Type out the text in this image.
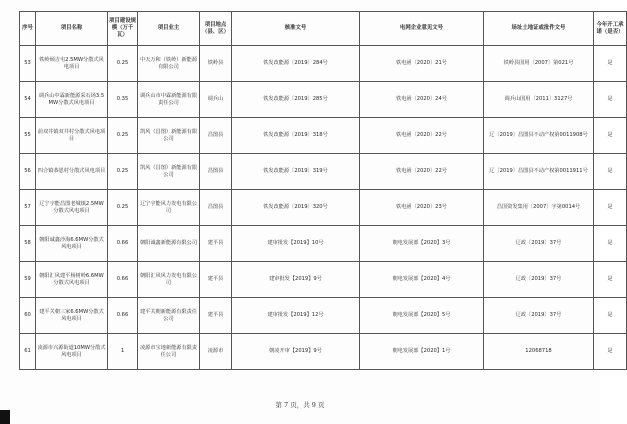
序号	项目名称	项目建设规模（万千瓦）	项目业主	项目地点（县、区）	核准文号	电网企业意见文号	场址土地证或批件文号	今年开工承诺（是否）
53	铁岭倾吉屯2.5MW分散式风电项目	0.25	中天万和（铁岭）新能源有限公司	铁岭县	铁发改能源〔2019〕284号	铁电函〔2020〕21号	铁岭县国用〔2007〕第021号	是
54	调兵山中霖新能源采石场3.5MW分散式风电项目	0.35	调兵山市中霖新能源有限责任公司	调兵山	铁发改能源〔2019〕285号	铁电函〔2020〕24号	调兵山国用〔2011〕3127号	是
55	前双井镇双井村分散式风电项目	0.25	凯风（昌图）新能源有限公司	昌图县	铁发改能源〔2019〕318号	铁电函〔2020〕22号	辽〔2019〕昌图县不动产权第0011908号	是
56	四合镇恭恩村分散式风电项目	0.25	凯风（昌图）新能源有限公司	昌图县	铁发改能源〔2019〕319号	铁电函〔2020〕22号	辽〔2019〕昌图县不动产权第0011911号	是
57	辽宁宇能昌图老城镇2.5MW分散式风电项目	0.25	辽宁宇能风力发电有限公司	昌图县	铁发改能源〔2019〕320号	铁电函〔2020〕23号	昌国资发集用〔2007〕字第0014号	是
58	朝阳诚鑫沙海6.6MW分散式风电项目	0.66	朝阳诚鑫新能源有限公司	建平县	建审批发【2019】10号	朝电发展部【2020】3号	辽政〔2019〕37号	是
59	朝阳汇风建平杨树岭6.6MW分散式风电项目	0.66	朝阳汇风风力发电有限公司	建平县	建审批发【2019】9号	朝电发展部【2020】4号	辽政〔2019〕37号	是
60	建平关朝三家6.6MW分散式风电项目	0.66	建平关朝新能源有限责任公司	建平县	建审批发【2019】12号	朝电发展部【2020】5号	辽政〔2019〕37号	是
61	凌源市兴源街道10MW分散式风电项目	1	凌源市宝地新能源有限责任公司	凌源市	朝凌开审【2019】9号	朝电发展部【2020】1号	12068718	是
第 7 页，共 9 页
